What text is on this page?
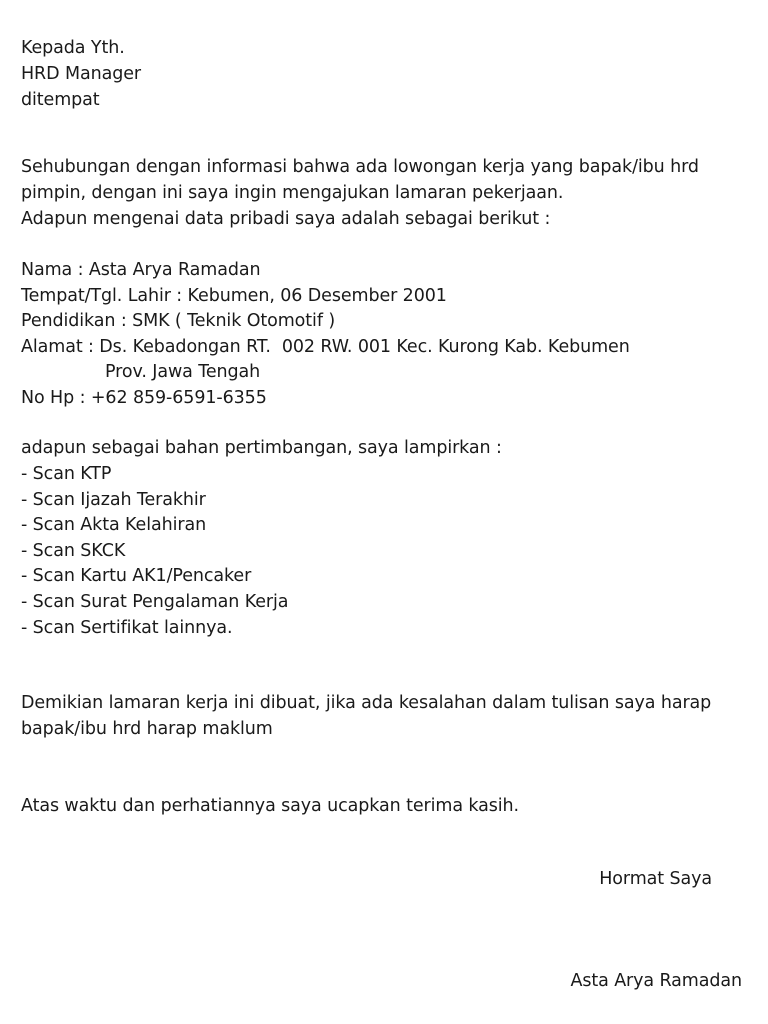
Kepada Yth.
HRD Manager
ditempat
Sehubungan dengan informasi bahwa ada lowongan kerja yang bapak/ibu hrd
pimpin, dengan ini saya ingin mengajukan lamaran pekerjaan.
Adapun mengenai data pribadi saya adalah sebagai berikut :
Nama : Asta Arya Ramadan
Tempat/Tgl. Lahir : Kebumen, 06 Desember 2001
Pendidikan : SMK ( Teknik Otomotif )
Alamat : Ds. Kebadongan RT.  002 RW. 001 Kec. Kurong Kab. Kebumen
Prov. Jawa Tengah
No Hp : +62 859-6591-6355
adapun sebagai bahan pertimbangan, saya lampirkan :
- Scan KTP
- Scan Ijazah Terakhir
- Scan Akta Kelahiran
- Scan SKCK
- Scan Kartu AK1/Pencaker
- Scan Surat Pengalaman Kerja
- Scan Sertifikat lainnya.
Demikian lamaran kerja ini dibuat, jika ada kesalahan dalam tulisan saya harap
bapak/ibu hrd harap maklum
Atas waktu dan perhatiannya saya ucapkan terima kasih.
Hormat Saya
Asta Arya Ramadan
